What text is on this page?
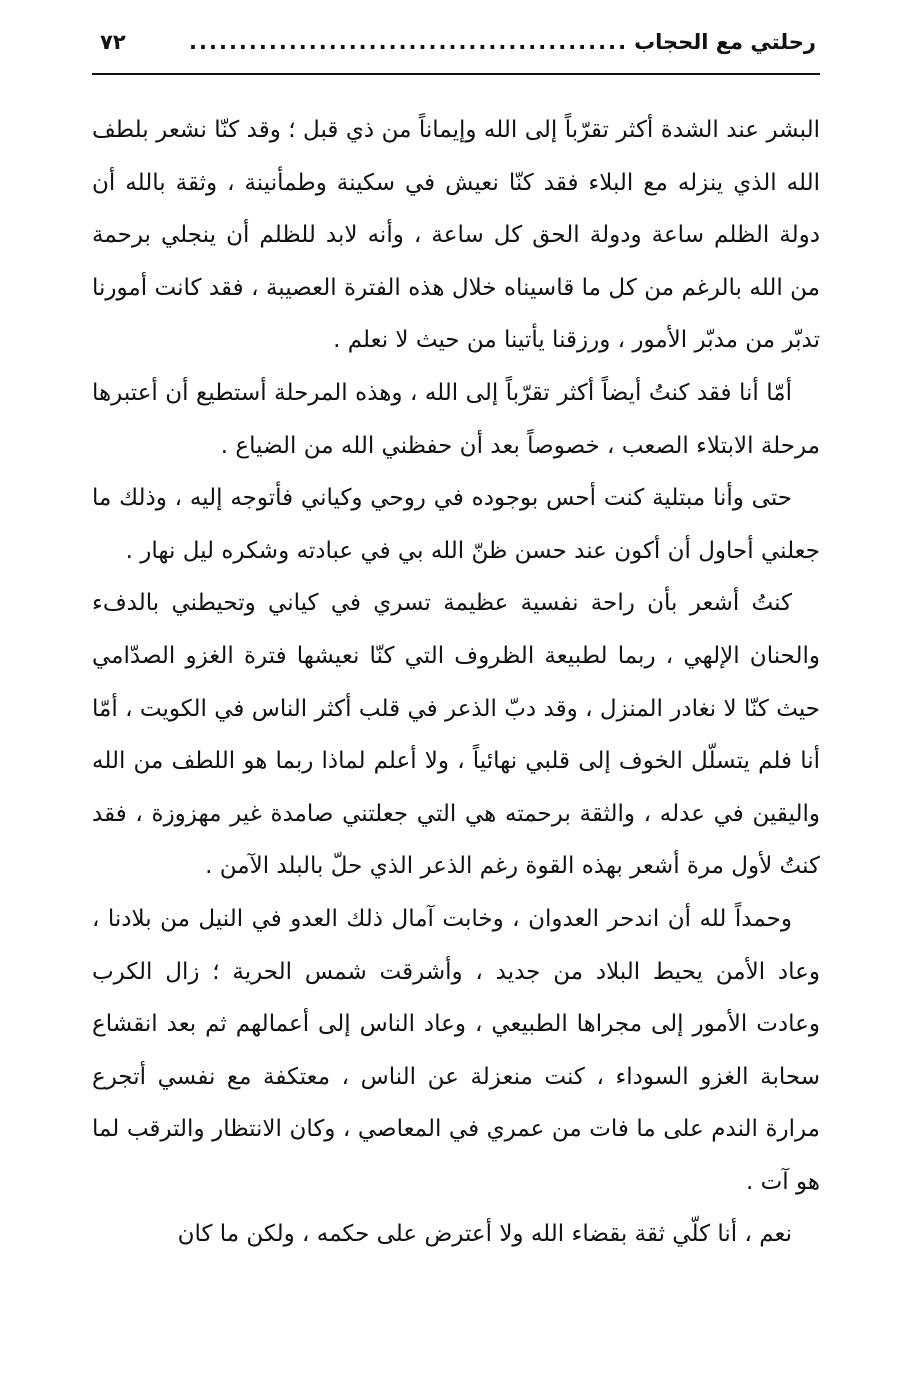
رحلتي مع الحجاب
............................................
٧٢

البشر عند الشدة أكثر تقرّباً إلى الله وإيماناً من ذي قبل ؛ وقد كنّا نشعر بلطف الله الذي ينزله مع البلاء فقد كنّا نعيش في سكينة وطمأنينة ، وثقة بالله أن دولة الظلم ساعة ودولة الحق كل ساعة ، وأنه لابد للظلم أن ينجلي برحمة من الله بالرغم من كل ما قاسيناه خلال هذه الفترة العصيبة ، فقد كانت أمورنا تدبّر من مدبّر الأمور ، ورزقنا يأتينا من حيث لا نعلم .

أمّا أنا فقد كنتُ أيضاً أكثر تقرّباً إلى الله ، وهذه المرحلة أستطيع أن أعتبرها مرحلة الابتلاء الصعب ، خصوصاً بعد أن حفظني الله من الضياع .

حتى وأنا مبتلية كنت أحس بوجوده في روحي وكياني فأتوجه إليه ، وذلك ما جعلني أحاول أن أكون عند حسن ظنّ الله بي في عبادته وشكره ليل نهار .

كنتُ أشعر بأن راحة نفسية عظيمة تسري في كياني وتحيطني بالدفء والحنان الإلهي ، ربما لطبيعة الظروف التي كنّا نعيشها فترة الغزو الصدّامي حيث كنّا لا نغادر المنزل ، وقد دبّ الذعر في قلب أكثر الناس في الكويت ، أمّا أنا فلم يتسلّل الخوف إلى قلبي نهائياً ، ولا أعلم لماذا ربما هو اللطف من الله واليقين في عدله ، والثقة برحمته هي التي جعلتني صامدة غير مهزوزة ، فقد كنتُ لأول مرة أشعر بهذه القوة رغم الذعر الذي حلّ بالبلد الآمن .

وحمداً لله أن اندحر العدوان ، وخابت آمال ذلك العدو في النيل من بلادنا ، وعاد الأمن يحيط البلاد من جديد ، وأشرقت شمس الحرية ؛ زال الكرب وعادت الأمور إلى مجراها الطبيعي ، وعاد الناس إلى أعمالهم ثم بعد انقشاع سحابة الغزو السوداء ، كنت منعزلة عن الناس ، معتكفة مع نفسي أتجرع مرارة الندم على ما فات من عمري في المعاصي ، وكان الانتظار والترقب لما هو آت .

نعم ، أنا كلّي ثقة بقضاء الله ولا أعترض على حكمه ، ولكن ما كان
